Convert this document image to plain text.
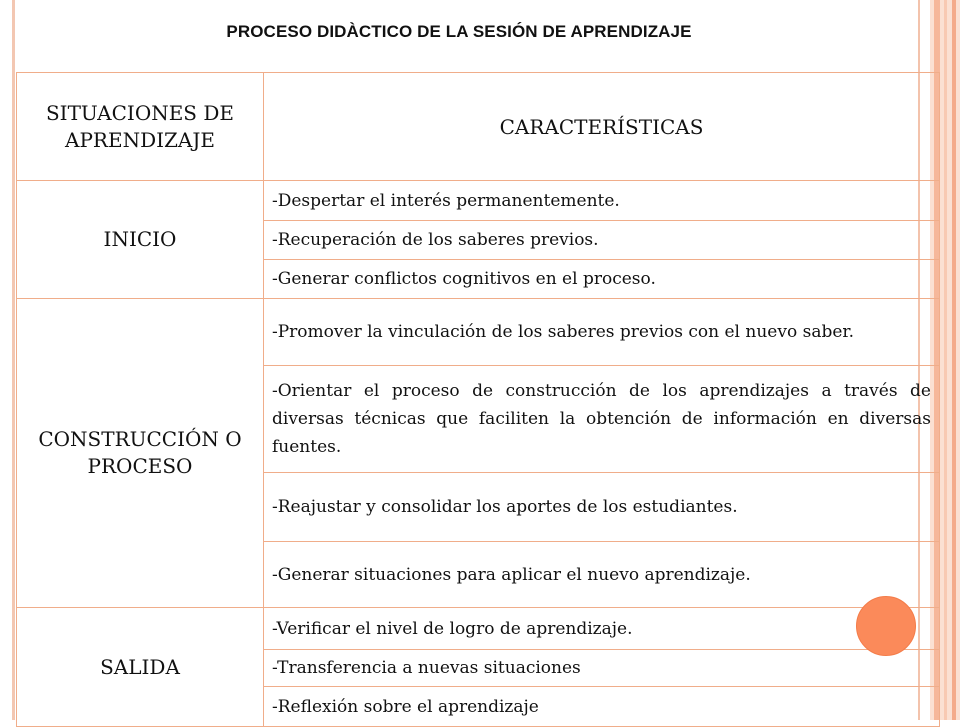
PROCESO DIDÀCTICO DE LA SESIÓN DE APRENDIZAJE
SITUACIONES DE APRENDIZAJE	CARACTERÍSTICAS
INICIO	-Despertar el interés permanentemente.
	-Recuperación de los saberes previos.
	-Generar conflictos cognitivos en el proceso.
CONSTRUCCIÓN O PROCESO	-Promover la vinculación de los saberes previos con el nuevo saber.
	-Orientar el proceso de construcción de los aprendizajes a través de diversas técnicas que faciliten la obtención de información en diversas fuentes.
	-Reajustar y consolidar los aportes de los estudiantes.
	-Generar situaciones para aplicar el nuevo aprendizaje.
SALIDA	-Verificar el nivel de logro de aprendizaje.
	-Transferencia a nuevas situaciones
	-Reflexión sobre el aprendizaje
